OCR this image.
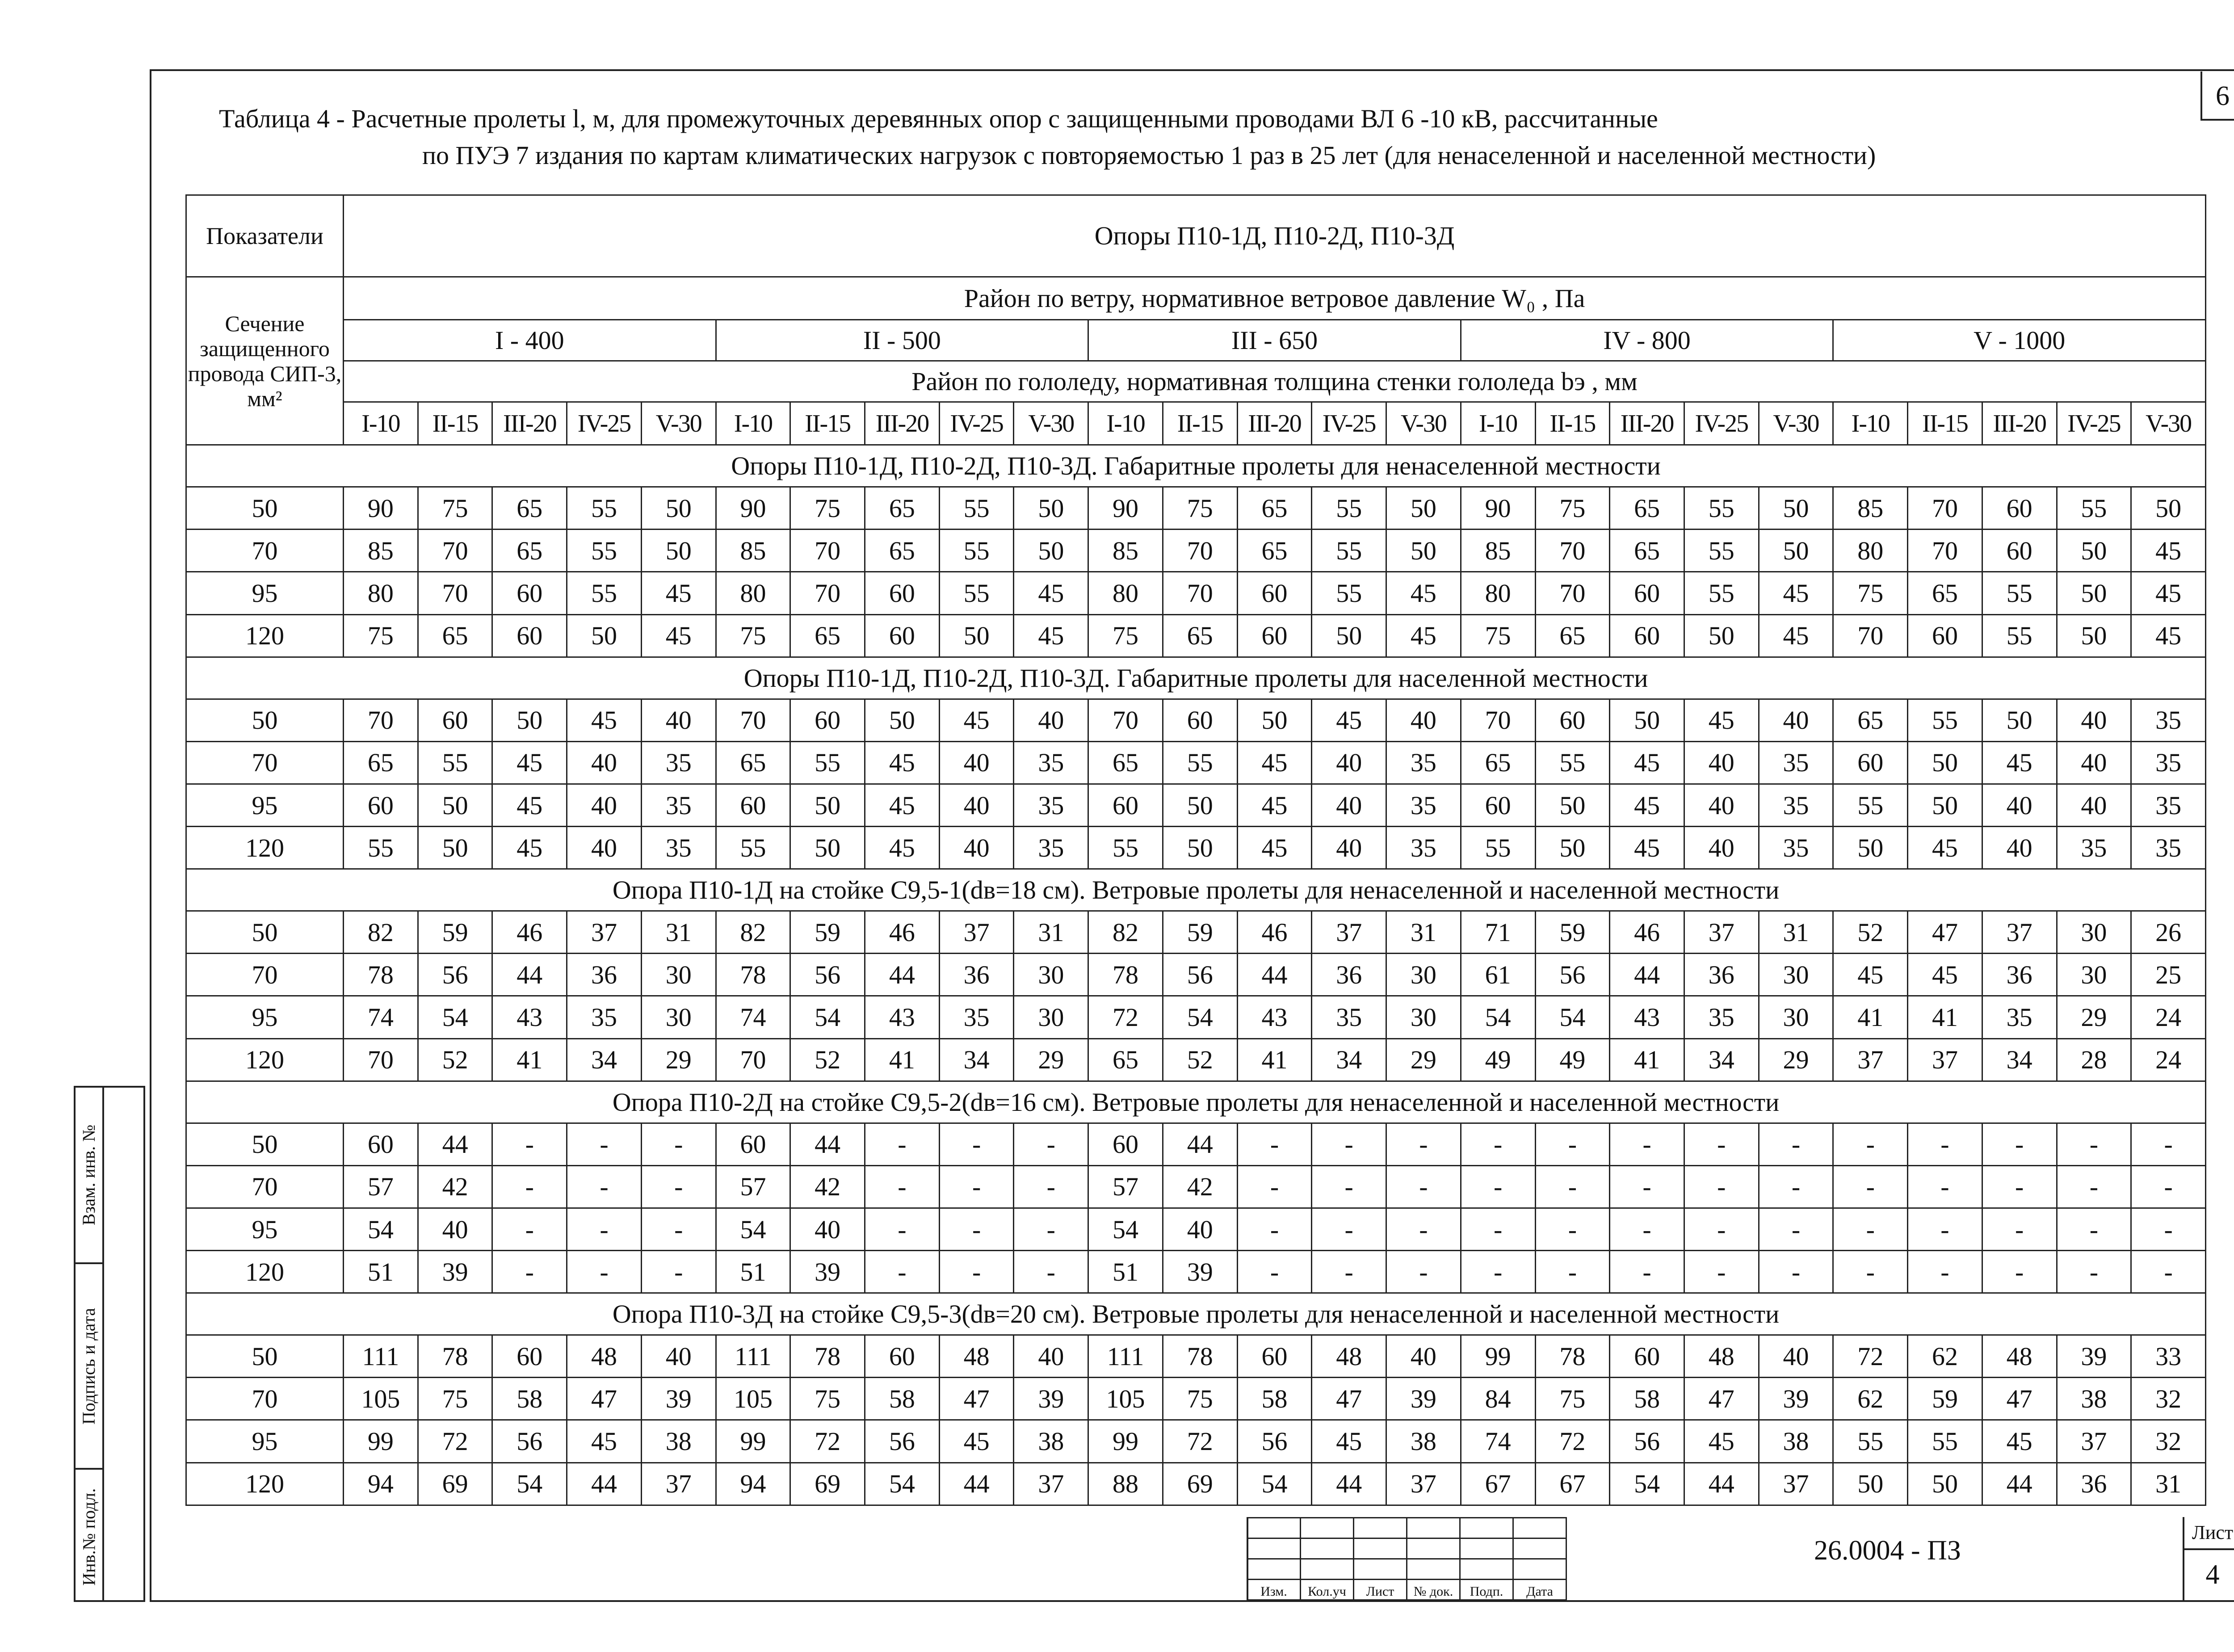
6
Таблица 4 - Расчетные пролеты l, м, для промежуточных деревянных опор с защищенными проводами ВЛ 6 -10 кВ, рассчитанные
по ПУЭ 7 издания по картам климатических нагрузок с повторяемостью 1 раз в 25 лет (для ненаселенной и населенной местности)
Показатели	Опоры П10-1Д, П10-2Д, П10-3Д																								
Сечение защищенного провода СИП-3, мм²	Район по ветру, нормативное ветровое давление W₀ , Па																								
	I - 400					II - 500					III - 650					IV - 800					V - 1000				
	Район по гололеду, нормативная толщина стенки гололеда bэ , мм																								
	I-10	II-15	III-20	IV-25	V-30	I-10	II-15	III-20	IV-25	V-30	I-10	II-15	III-20	IV-25	V-30	I-10	II-15	III-20	IV-25	V-30	I-10	II-15	III-20	IV-25	V-30
Опоры П10-1Д, П10-2Д, П10-3Д. Габаритные пролеты для ненаселенной местности																									
50	90	75	65	55	50	90	75	65	55	50	90	75	65	55	50	90	75	65	55	50	85	70	60	55	50
70	85	70	65	55	50	85	70	65	55	50	85	70	65	55	50	85	70	65	55	50	80	70	60	50	45
95	80	70	60	55	45	80	70	60	55	45	80	70	60	55	45	80	70	60	55	45	75	65	55	50	45
120	75	65	60	50	45	75	65	60	50	45	75	65	60	50	45	75	65	60	50	45	70	60	55	50	45
Опоры П10-1Д, П10-2Д, П10-3Д. Габаритные пролеты для населенной местности																									
50	70	60	50	45	40	70	60	50	45	40	70	60	50	45	40	70	60	50	45	40	65	55	50	40	35
70	65	55	45	40	35	65	55	45	40	35	65	55	45	40	35	65	55	45	40	35	60	50	45	40	35
95	60	50	45	40	35	60	50	45	40	35	60	50	45	40	35	60	50	45	40	35	55	50	40	40	35
120	55	50	45	40	35	55	50	45	40	35	55	50	45	40	35	55	50	45	40	35	50	45	40	35	35
Опора П10-1Д на стойке С9,5-1(dв=18 см). Ветровые пролеты для ненаселенной и населенной местности																									
50	82	59	46	37	31	82	59	46	37	31	82	59	46	37	31	71	59	46	37	31	52	47	37	30	26
70	78	56	44	36	30	78	56	44	36	30	78	56	44	36	30	61	56	44	36	30	45	45	36	30	25
95	74	54	43	35	30	74	54	43	35	30	72	54	43	35	30	54	54	43	35	30	41	41	35	29	24
120	70	52	41	34	29	70	52	41	34	29	65	52	41	34	29	49	49	41	34	29	37	37	34	28	24
Опора П10-2Д на стойке С9,5-2(dв=16 см). Ветровые пролеты для ненаселенной и населенной местности																									
50	60	44	-	-	-	60	44	-	-	-	60	44	-	-	-	-	-	-	-	-	-	-	-	-	-
70	57	42	-	-	-	57	42	-	-	-	57	42	-	-	-	-	-	-	-	-	-	-	-	-	-
95	54	40	-	-	-	54	40	-	-	-	54	40	-	-	-	-	-	-	-	-	-	-	-	-	-
120	51	39	-	-	-	51	39	-	-	-	51	39	-	-	-	-	-	-	-	-	-	-	-	-	-
Опора П10-3Д на стойке С9,5-3(dв=20 см). Ветровые пролеты для ненаселенной и населенной местности																									
50	111	78	60	48	40	111	78	60	48	40	111	78	60	48	40	99	78	60	48	40	72	62	48	39	33
70	105	75	58	47	39	105	75	58	47	39	105	75	58	47	39	84	75	58	47	39	62	59	47	38	32
95	99	72	56	45	38	99	72	56	45	38	99	72	56	45	38	74	72	56	45	38	55	55	45	37	32
120	94	69	54	44	37	94	69	54	44	37	88	69	54	44	37	67	67	54	44	37	50	50	44	36	31
Взам. инв. №
Подпись и дата
Инв.№ подл.

Изм.	Кол.уч	Лист	№ док.	Подп.	Дата
26.0004 - ПЗ
Лист
4
